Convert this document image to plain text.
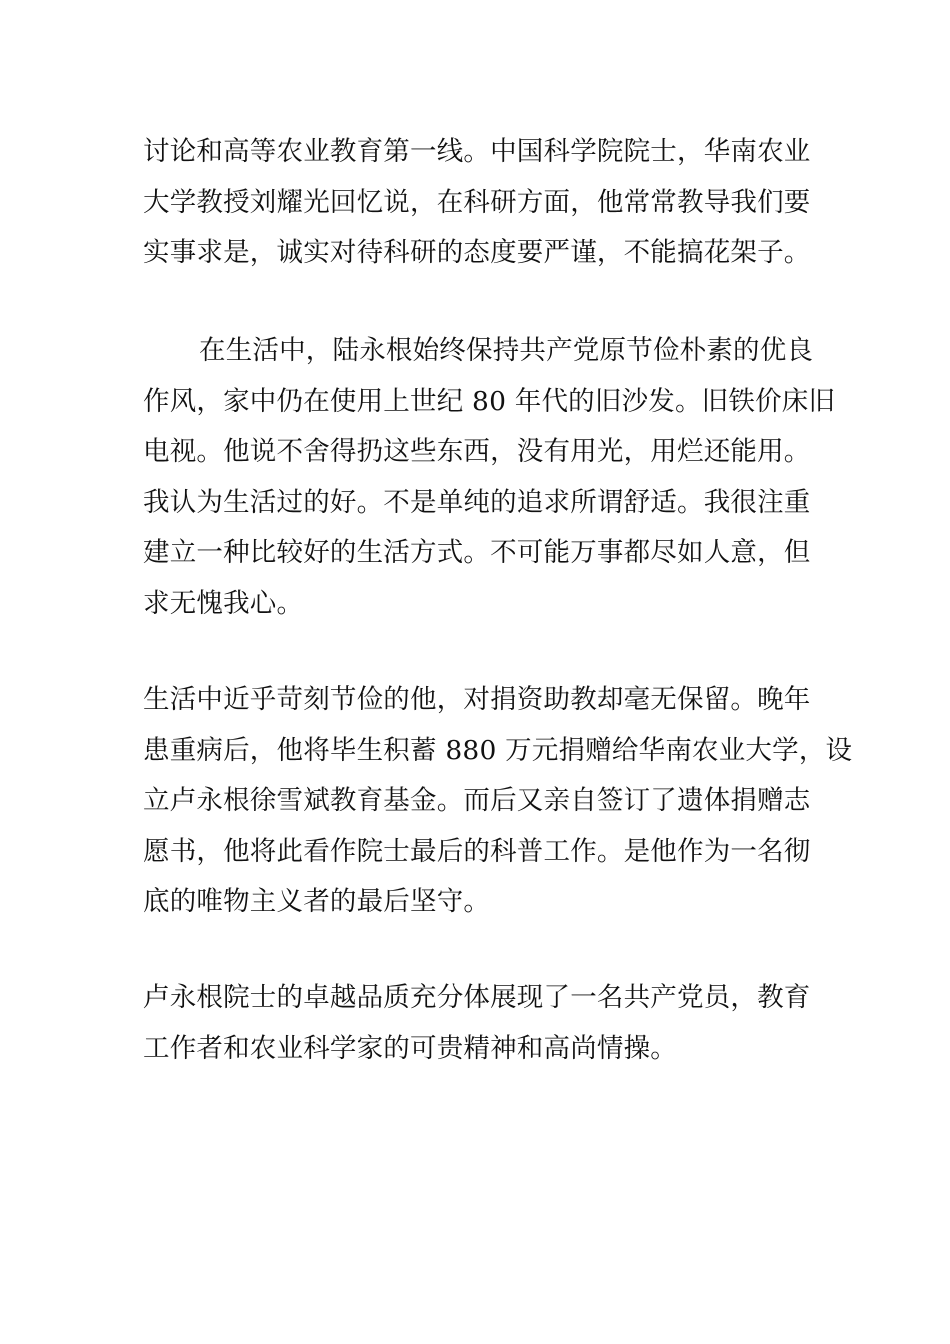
讨论和高等农业教育第一线。中国科学院院士，华南农业
大学教授刘耀光回忆说，在科研方面，他常常教导我们要
实事求是，诚实对待科研的态度要严谨，不能搞花架子。

在生活中，陆永根始终保持共产党原节俭朴素的优良
作风，家中仍在使用上世纪 80 年代的旧沙发。旧铁价床旧
电视。他说不舍得扔这些东西，没有用光，用烂还能用。
我认为生活过的好。不是单纯的追求所谓舒适。我很注重
建立一种比较好的生活方式。不可能万事都尽如人意，但
求无愧我心。

生活中近乎苛刻节俭的他，对捐资助教却毫无保留。晚年
患重病后，他将毕生积蓄 880 万元捐赠给华南农业大学，设
立卢永根徐雪斌教育基金。而后又亲自签订了遗体捐赠志
愿书，他将此看作院士最后的科普工作。是他作为一名彻
底的唯物主义者的最后坚守。

卢永根院士的卓越品质充分体展现了一名共产党员，教育
工作者和农业科学家的可贵精神和高尚情操。
